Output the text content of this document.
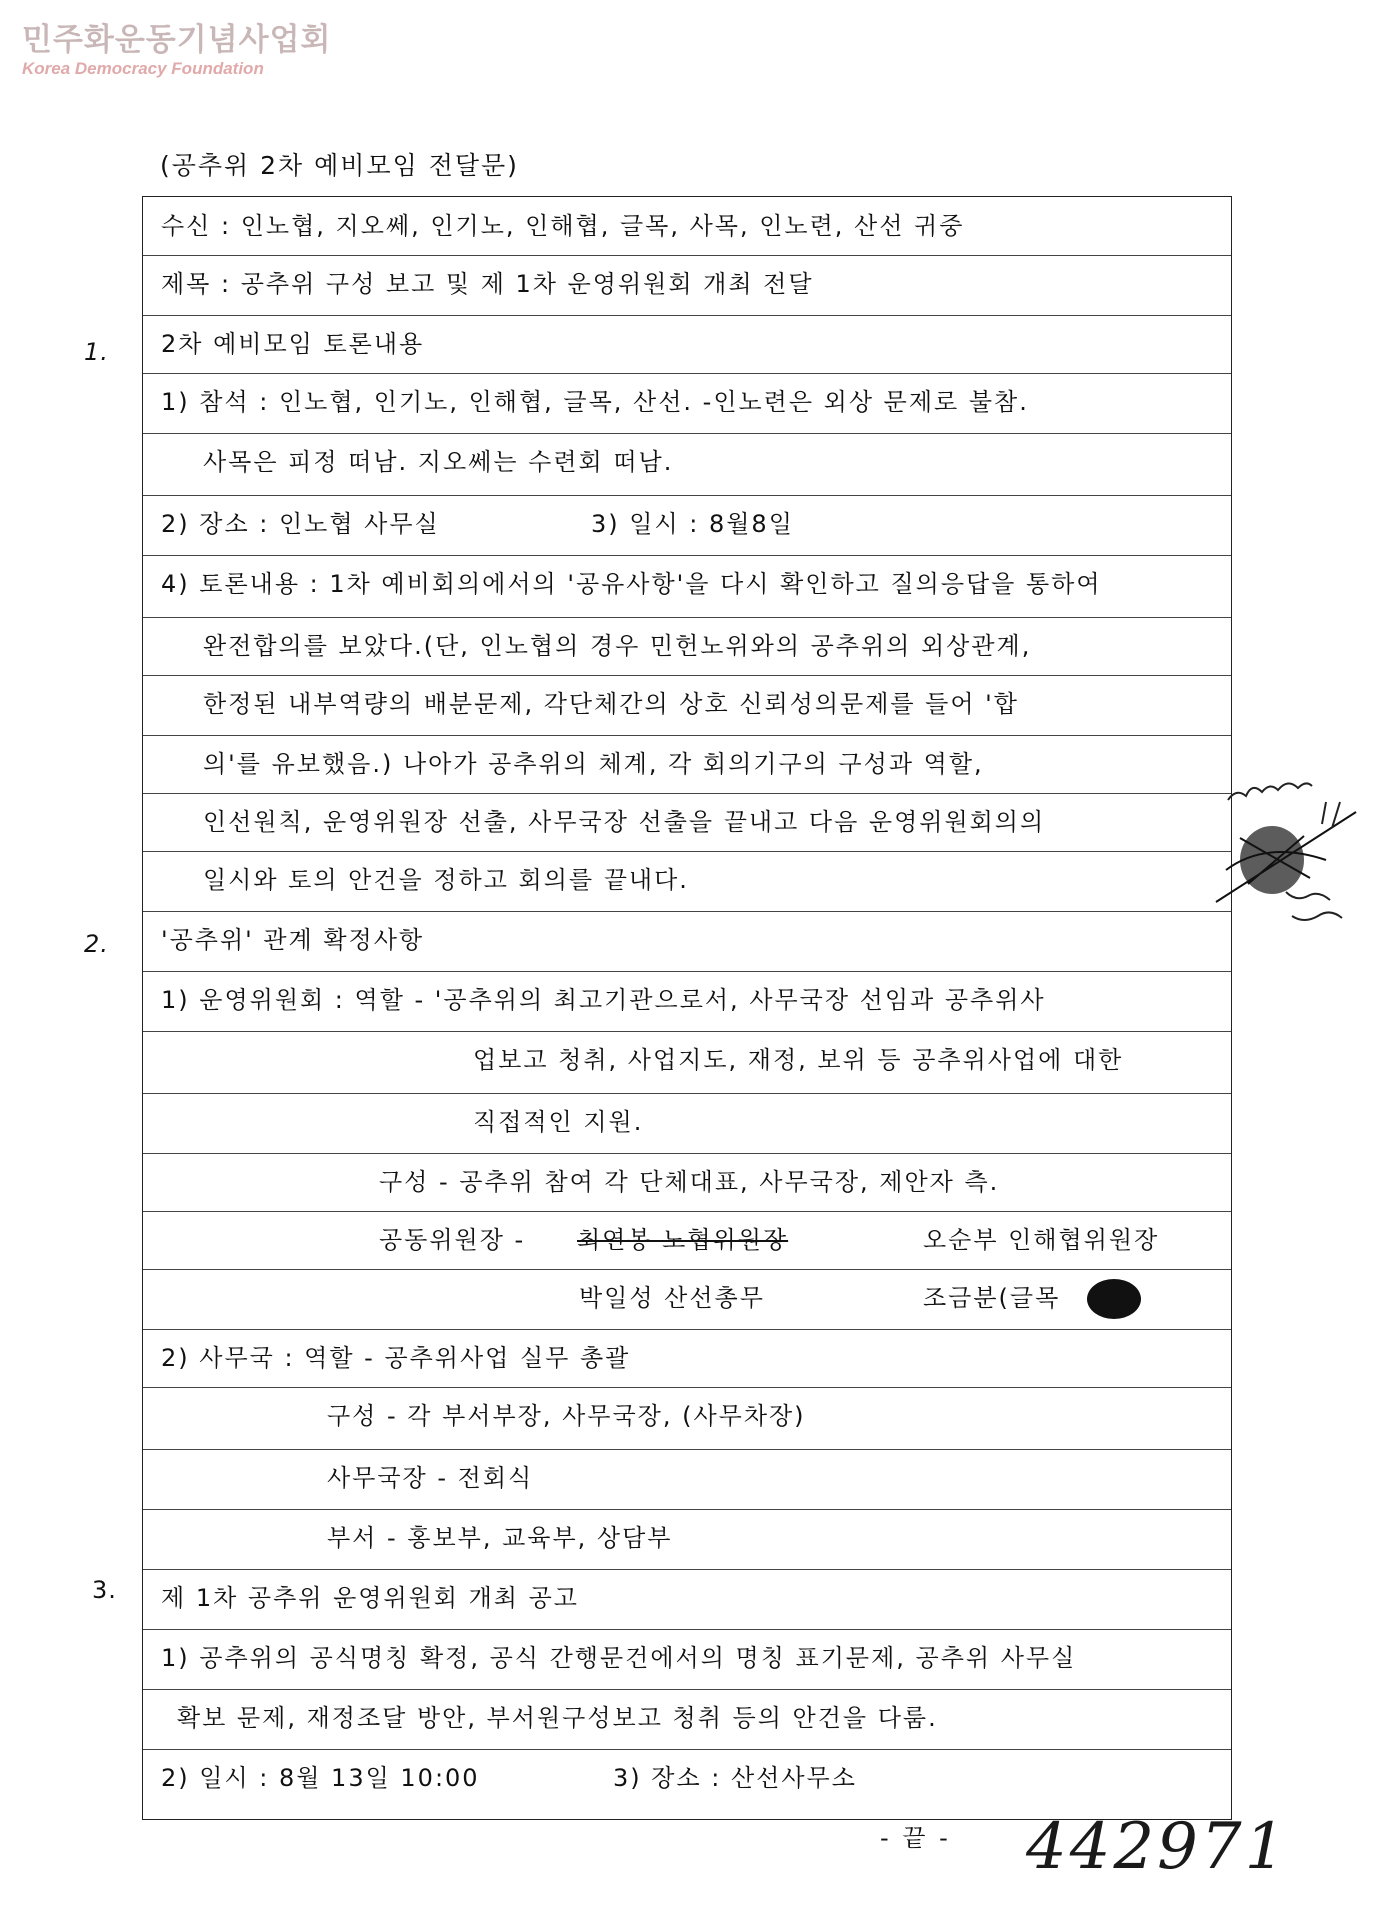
민주화운동기념사업회
Korea Democracy Foundation
(공추위 2차 예비모임 전달문)
1.
2.
3.
수신 : 인노협, 지오쎄, 인기노, 인해협, 글목, 사목, 인노련, 산선 귀중
제목 : 공추위 구성 보고 및 제 1차 운영위원회 개최 전달
2차 예비모임 토론내용
1) 참석 : 인노협, 인기노, 인해협, 글목, 산선. -인노련은 외상 문제로 불참.
사목은 피정 떠남. 지오쎄는 수련회 떠남.
2) 장소 : 인노협 사무실	3) 일시 : 8월8일
4) 토론내용 : 1차 예비회의에서의 '공유사항'을 다시 확인하고 질의응답을 통하여
완전합의를 보았다.(단, 인노협의 경우 민헌노위와의 공추위의 외상관계,
한정된 내부역량의 배분문제, 각단체간의 상호 신뢰성의문제를 들어 '합
의'를 유보했음.) 나아가 공추위의 체계, 각 회의기구의 구성과 역할,
인선원칙, 운영위원장 선출, 사무국장 선출을 끝내고 다음 운영위원회의의
일시와 토의 안건을 정하고 회의를 끝내다.
'공추위' 관계 확정사항
1) 운영위원회 : 역할 - '공추위의 최고기관으로서, 사무국장 선임과 공추위사
업보고 청취, 사업지도, 재정, 보위 등 공추위사업에 대한
직접적인 지원.
구성 - 공추위 참여 각 단체대표, 사무국장, 제안자 측.
공동위원장 - 최연봉 노협위원장	오순부 인해협위원장
박일성 산선총무	조금분(글목
2) 사무국 : 역할 - 공추위사업 실무 총괄
구성 - 각 부서부장, 사무국장, (사무차장)
사무국장 - 전회식
부서 - 홍보부, 교육부, 상담부
제 1차 공추위 운영위원회 개최 공고
1) 공추위의 공식명칭 확정, 공식 간행문건에서의 명칭 표기문제, 공추위 사무실
확보 문제, 재정조달 방안, 부서원구성보고 청취 등의 안건을 다룸.
2) 일시 : 8월 13일 10:00	3) 장소 : 산선사무소
- 끝 - 442971
